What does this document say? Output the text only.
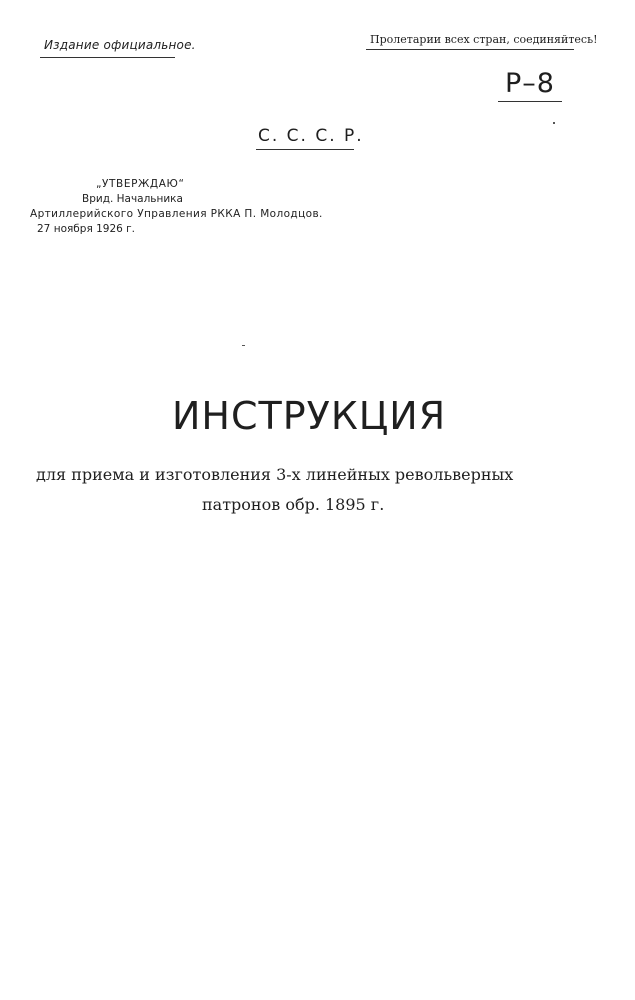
Издание официальное.	Пролетарии всех стран, соединяйтесь!
Р–8
С. С. С. Р.
„УТВЕРЖДАЮ“
Врид. Начальника
Артиллерийского Управления РККА П. Молодцов.
27 ноября 1926 г.
ИНСТРУКЦИЯ
для приема и изготовления 3-х линейных револьверных
патронов обр. 1895 г.
